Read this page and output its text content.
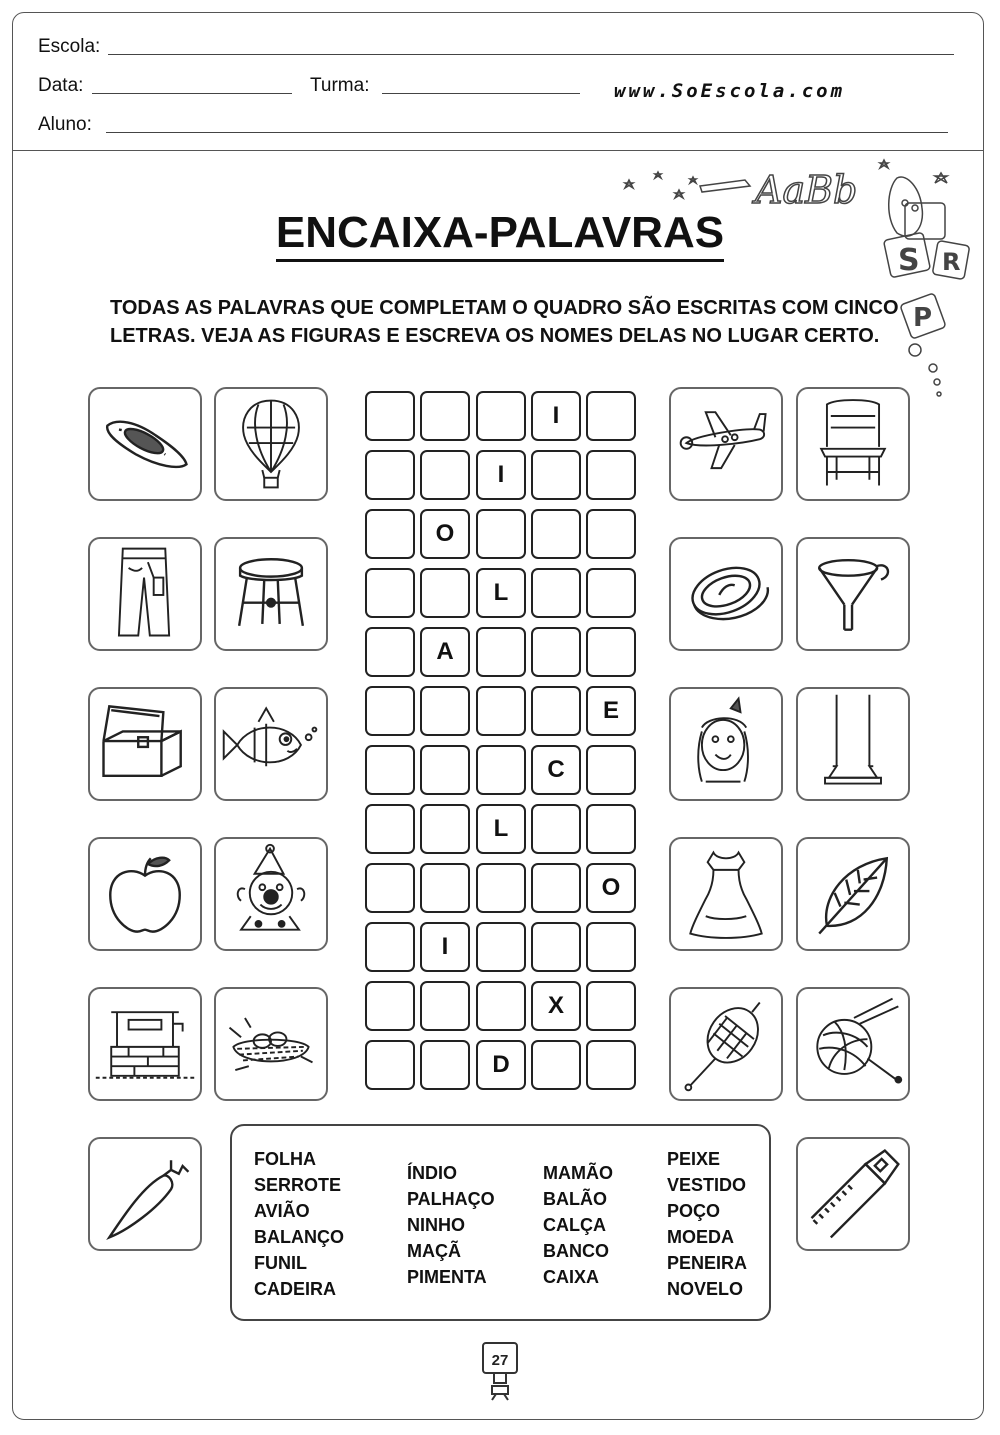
Escola:
Data:	Turma:	www.SoEscola.com
Aluno:
AaBb
S R
P
ENCAIXA-PALAVRAS
TODAS AS PALAVRAS QUE COMPLETAM O QUADRO SÃO ESCRITAS COM CINCO LETRAS. VEJA AS FIGURAS E ESCREVA OS NOMES DELAS NO LUGAR CERTO.
I
I
O
L
A
E
C
L
O
I
X
D
FOLHA
SERROTE
AVIÃO
BALANÇO
FUNIL
CADEIRA
ÍNDIO
PALHAÇO
NINHO
MAÇÃ
PIMENTA
MAMÃO
BALÃO
CALÇA
BANCO
CAIXA
PEIXE
VESTIDO
POÇO
MOEDA
PENEIRA
NOVELO
27
